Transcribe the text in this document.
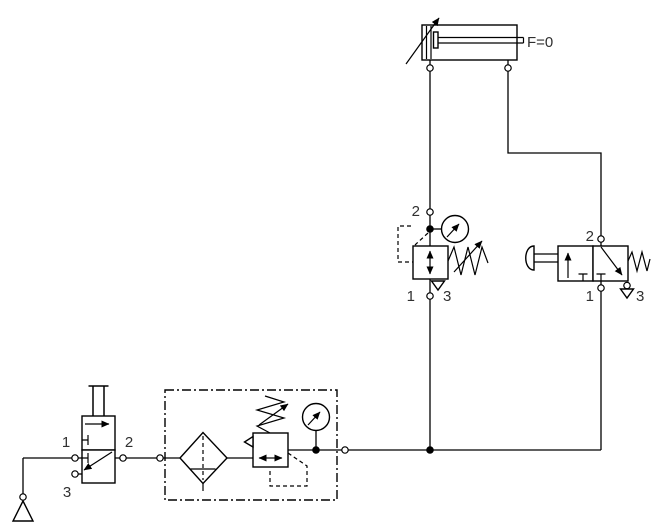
1	2
3
2
1 3
2
1	3
F=0
